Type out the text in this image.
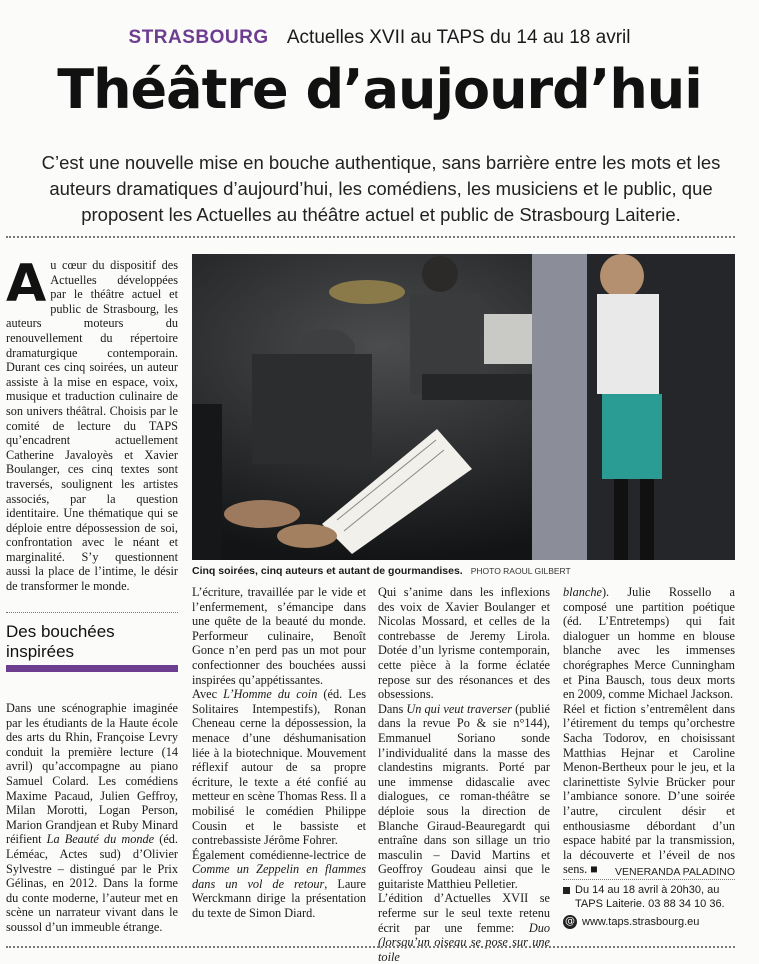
STRASBOURG Actuelles XVII au TAPS du 14 au 18 avril
Théâtre d’aujourd’hui
C’est une nouvelle mise en bouche authentique, sans barrière entre les mots et les auteurs dramatiques d’aujourd’hui, les comédiens, les musiciens et le public, que proposent les Actuelles au théâtre actuel et public de Strasbourg Laiterie.
A u cœur du dispositif des Actuelles développées par le théâtre actuel et public de Strasbourg, les auteurs moteurs du renouvellement du répertoire dramaturgique contemporain. Durant ces cinq soirées, un auteur assiste à la mise en espace, voix, musique et traduction culinaire de son univers théâtral. Choisis par le comité de lecture du TAPS qu’encadrent actuellement Catherine Javaloyès et Xavier Boulanger, ces cinq textes sont traversés, soulignent les artistes associés, par la question identitaire. Une thématique qui se déploie entre dépossession de soi, confrontation avec le néant et marginalité. S’y questionnent aussi la place de l’intime, le désir de transformer le monde.

Cinq soirées, cinq auteurs et autant de gourmandises. PHOTO RAOUL GILBERT
Des bouchées inspirées

Dans une scénographie imaginée par les étudiants de la Haute école des arts du Rhin, Françoise Levry conduit la première lecture (14 avril) qu’accompagne au piano Samuel Colard. Les comédiens Maxime Pacaud, Julien Geffroy, Milan Morotti, Logan Person, Marion Grandjean et Ruby Minard réifient La Beauté du monde (éd. Léméac, Actes sud) d’Olivier Sylvestre – distingué par le Prix Gélinas, en 2012. Dans la forme du conte moderne, l’auteur met en scène un narrateur vivant dans le soussol d’un immeuble étrange.

L’écriture, travaillée par le vide et l’enfermement, s’émancipe dans une quête de la beauté du monde. Performeur culinaire, Benoît Gonce n’en perd pas un mot pour confectionner des bouchées aussi inspirées qu’appétissantes.

Avec L’Homme du coin (éd. Les Solitaires Intempestifs), Ronan Cheneau cerne la dépossession, la menace d’une déshumanisation liée à la biotechnique. Mouvement réflexif autour de sa propre écriture, le texte a été confié au metteur en scène Thomas Ress. Il a mobilisé le comédien Philippe Cousin et le bassiste et contrebassiste Jérôme Fohrer.

Également comédienne-lectrice de Comme un Zeppelin en flammes dans un vol de retour, Laure Werckmann dirige la présentation du texte de Simon Diard.

Qui s’anime dans les inflexions des voix de Xavier Boulanger et Nicolas Mossard, et celles de la contrebasse de Jeremy Lirola. Dotée d’un lyrisme contemporain, cette pièce à la forme éclatée repose sur des résonances et des obsessions.

Dans Un qui veut traverser (publié dans la revue Po & sie n°144), Emmanuel Soriano sonde l’individualité dans la masse des clandestins migrants. Porté par une immense didascalie avec dialogues, ce roman-théâtre se déploie sous la direction de Blanche Giraud-Beauregardt qui entraîne dans son sillage un trio masculin – David Martins et Geoffroy Goudeau ainsi que le guitariste Matthieu Pelletier.

L’édition d’Actuelles XVII se referme sur le seul texte retenu écrit par une femme: Duo (lorsqu’un oiseau se pose sur une toile

blanche). Julie Rossello a composé une partition poétique (éd. L’Entretemps) qui fait dialoguer un homme en blouse blanche avec les immenses chorégraphes Merce Cunningham et Pina Bausch, tous deux morts en 2009, comme Michael Jackson.

Réel et fiction s’entremêlent dans l’étirement du temps qu’orchestre Sacha Todorov, en choisissant Matthias Hejnar et Caroline Menon-Bertheux pour le jeu, et la clarinettiste Sylvie Brücker pour l’ambiance sonore. D’une soirée l’autre, circulent désir et enthousiasme débordant d’un espace habité par la transmission, la découverte et l’éveil de nos sens. ■	VENERANDA PALADINO
Du 14 au 18 avril à 20h30, au TAPS Laiterie. 03 88 34 10 36.
@ www.taps.strasbourg.eu
